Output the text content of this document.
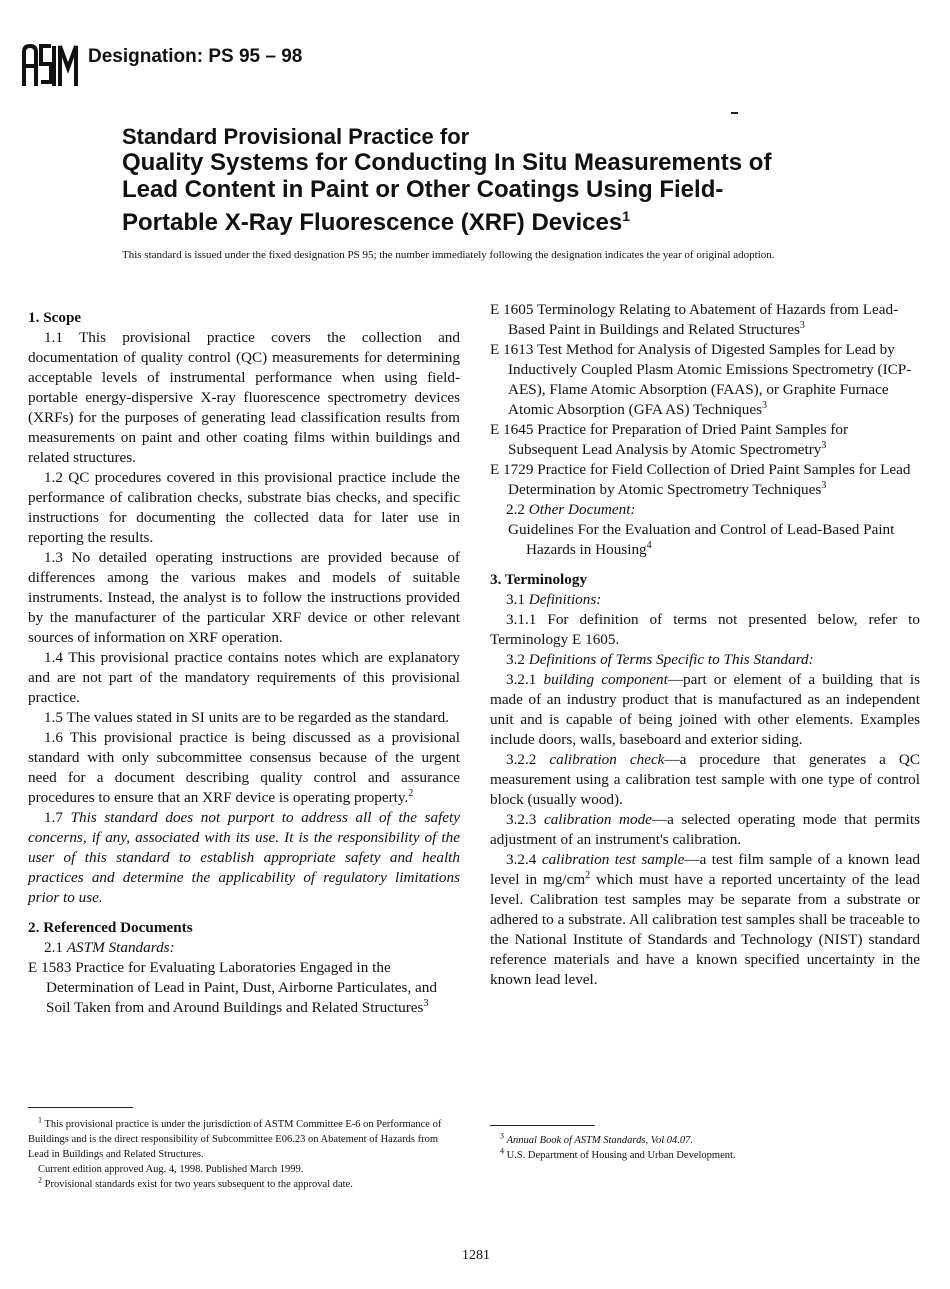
Designation: PS 95 – 98
Standard Provisional Practice for
Quality Systems for Conducting In Situ Measurements of
Lead Content in Paint or Other Coatings Using Field-
Portable X-Ray Fluorescence (XRF) Devices$^1$
This standard is issued under the fixed designation PS 95; the number immediately following the designation indicates the year of original adoption.
1. Scope

1.1 This provisional practice covers the collection and documentation of quality control (QC) measurements for determining acceptable levels of instrumental performance when using field-portable energy-dispersive X-ray fluorescence spectrometry devices (XRFs) for the purposes of generating lead classification results from measurements on paint and other coating films within buildings and related structures.

1.2 QC procedures covered in this provisional practice include the performance of calibration checks, substrate bias checks, and specific instructions for documenting the collected data for later use in reporting the results.

1.3 No detailed operating instructions are provided because of differences among the various makes and models of suitable instruments. Instead, the analyst is to follow the instructions provided by the manufacturer of the particular XRF device or other relevant sources of information on XRF operation.

1.4 This provisional practice contains notes which are explanatory and are not part of the mandatory requirements of this provisional practice.

1.5 The values stated in SI units are to be regarded as the standard.

1.6 This provisional practice is being discussed as a provisional standard with only subcommittee consensus because of the urgent need for a document describing quality control and assurance procedures to ensure that an XRF device is operating property.$^2$

1.7 This standard does not purport to address all of the safety concerns, if any, associated with its use. It is the responsibility of the user of this standard to establish appropriate safety and health practices and determine the applicability of regulatory limitations prior to use.

2. Referenced Documents

2.1 ASTM Standards:

E 1583 Practice for Evaluating Laboratories Engaged in the Determination of Lead in Paint, Dust, Airborne Particulates, and Soil Taken from and Around Buildings and Related Structures$^3$

$^1$ This provisional practice is under the jurisdiction of ASTM Committee E-6 on Performance of Buildings and is the direct responsibility of Subcommittee E06.23 on Abatement of Hazards from Lead in Buildings and Related Structures.

Current edition approved Aug. 4, 1998. Published March 1999.

$^2$ Provisional standards exist for two years subsequent to the approval date.

E 1605 Terminology Relating to Abatement of Hazards from Lead-Based Paint in Buildings and Related Structures$^3$

E 1613 Test Method for Analysis of Digested Samples for Lead by Inductively Coupled Plasm Atomic Emissions Spectrometry (ICP-AES), Flame Atomic Absorption (FAAS), or Graphite Furnace Atomic Absorption (GFA AS) Techniques$^3$

E 1645 Practice for Preparation of Dried Paint Samples for Subsequent Lead Analysis by Atomic Spectrometry$^3$

E 1729 Practice for Field Collection of Dried Paint Samples for Lead Determination by Atomic Spectrometry Techniques$^3$

2.2 Other Document:

Guidelines For the Evaluation and Control of Lead-Based Paint Hazards in Housing$^4$

3. Terminology

3.1 Definitions:

3.1.1 For definition of terms not presented below, refer to Terminology E 1605.

3.2 Definitions of Terms Specific to This Standard:

3.2.1 building component—part or element of a building that is made of an industry product that is manufactured as an independent unit and is capable of being joined with other elements. Examples include doors, walls, baseboard and exterior siding.

3.2.2 calibration check—a procedure that generates a QC measurement using a calibration test sample with one type of control block (usually wood).

3.2.3 calibration mode—a selected operating mode that permits adjustment of an instrument's calibration.

3.2.4 calibration test sample—a test film sample of a known lead level in $mg/cm^2$ which must have a reported uncertainty of the lead level. Calibration test samples may be separate from a substrate or adhered to a substrate. All calibration test samples shall be traceable to the National Institute of Standards and Technology (NIST) standard reference materials and have a known specified uncertainty in the known lead level.

$^3$ Annual Book of ASTM Standards, Vol 04.07.

$^4$ U.S. Department of Housing and Urban Development.

1281
